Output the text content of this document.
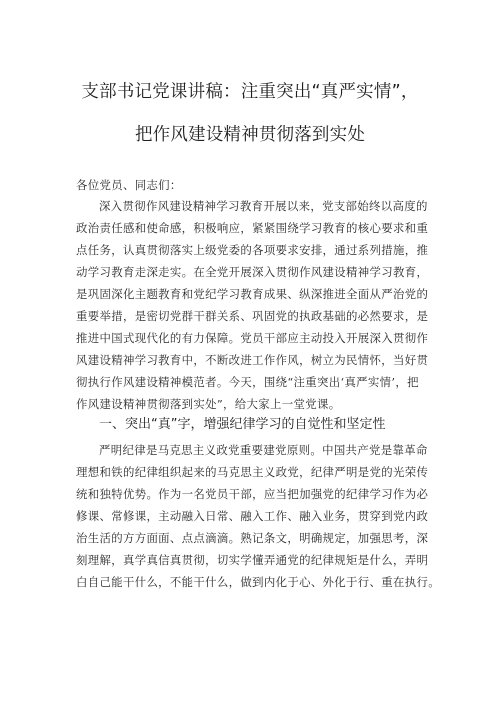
支部书记党课讲稿：注重突出“真严实情”，
把作风建设精神贯彻落到实处
各位党员、同志们：
深入贯彻作风建设精神学习教育开展以来，党支部始终以高度的
政治责任感和使命感，积极响应，紧紧围绕学习教育的核心要求和重
点任务，认真贯彻落实上级党委的各项要求安排，通过系列措施，推
动学习教育走深走实。在全党开展深入贯彻作风建设精神学习教育，
是巩固深化主题教育和党纪学习教育成果、纵深推进全面从严治党的
重要举措，是密切党群干群关系、巩固党的执政基础的必然要求，是
推进中国式现代化的有力保障。党员干部应主动投入开展深入贯彻作
风建设精神学习教育中，不断改进工作作风，树立为民情怀，当好贯
彻执行作风建设精神模范者。今天，围绕“注重突出‘真严实情’，把
作风建设精神贯彻落到实处”，给大家上一堂党课。
一、突出“真”字，增强纪律学习的自觉性和坚定性
严明纪律是马克思主义政党重要建党原则。中国共产党是靠革命
理想和铁的纪律组织起来的马克思主义政党，纪律严明是党的光荣传
统和独特优势。作为一名党员干部，应当把加强党的纪律学习作为必
修课、常修课，主动融入日常、融入工作、融入业务，贯穿到党内政
治生活的方方面面、点点滴滴。熟记条文，明确规定，加强思考，深
刻理解，真学真信真贯彻，切实学懂弄通党的纪律规矩是什么，弄明
白自己能干什么，不能干什么，做到内化于心、外化于行、重在执行。
